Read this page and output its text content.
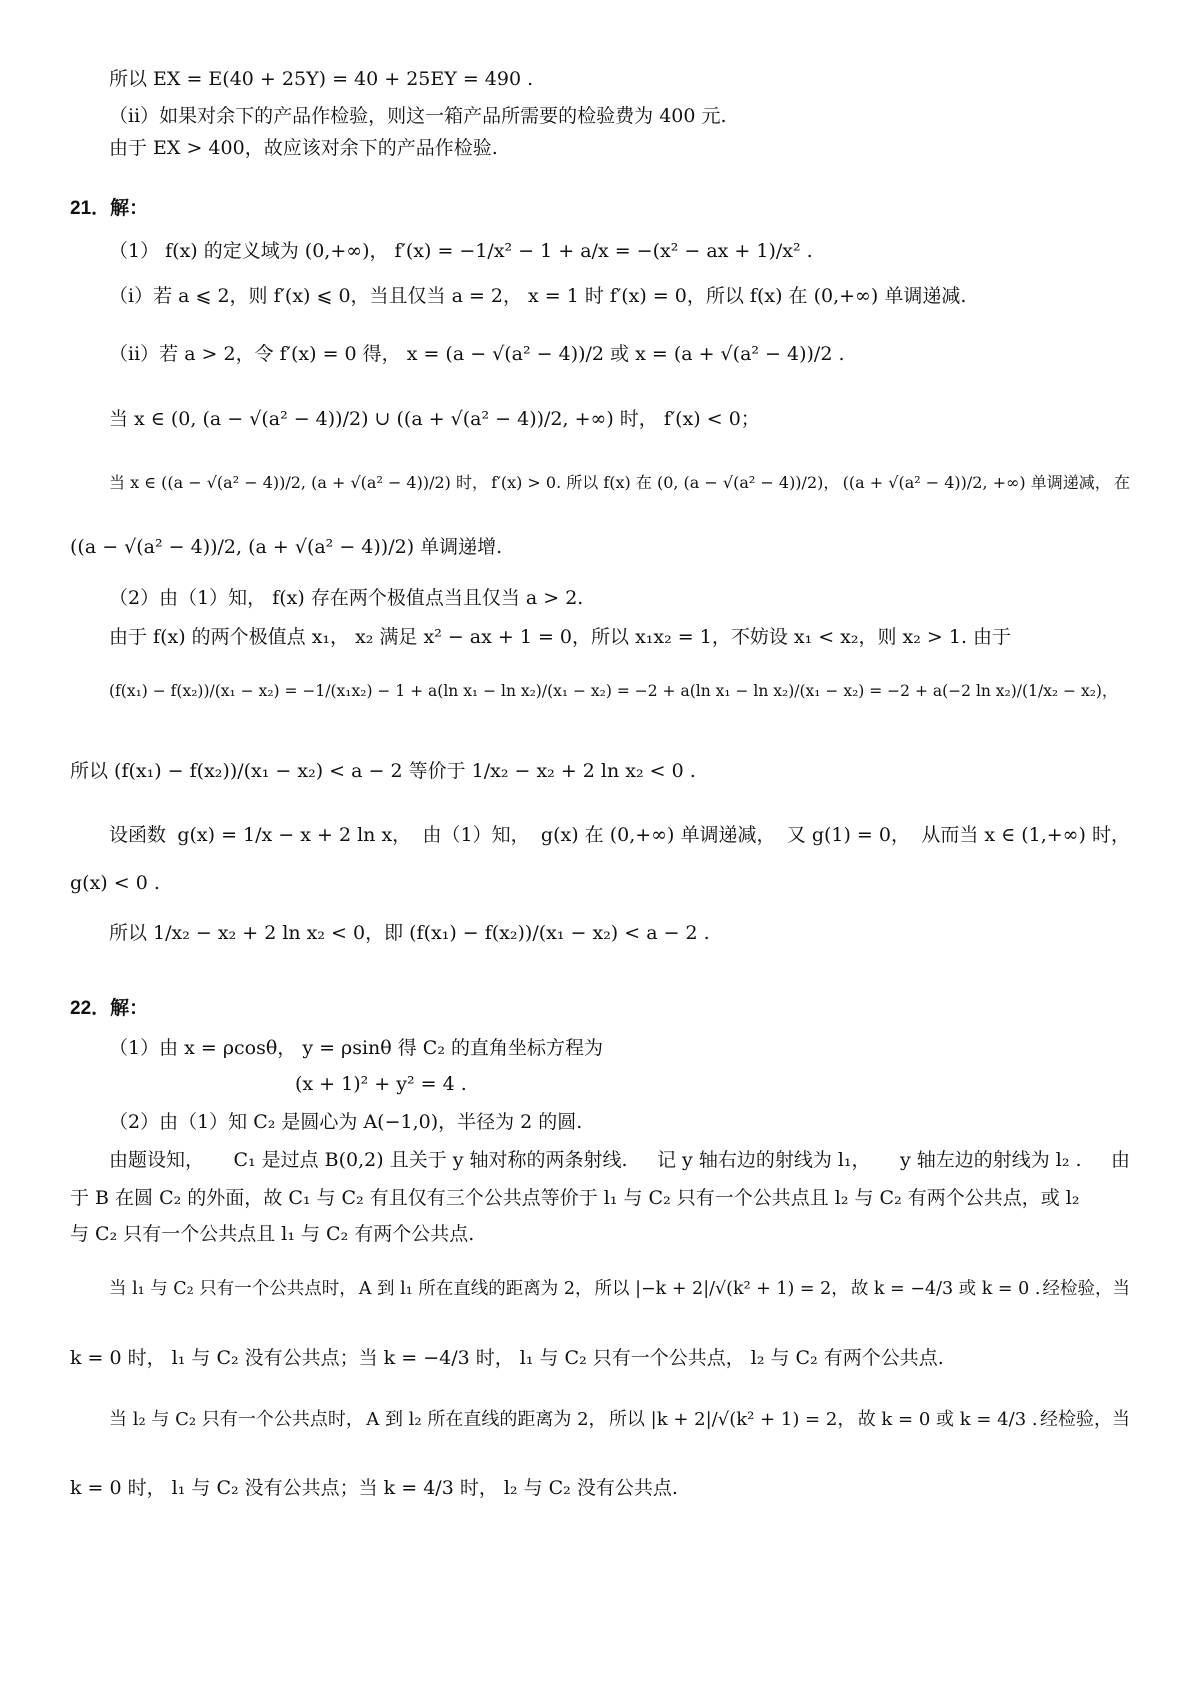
所以 EX = E(40 + 25Y) = 40 + 25EY = 490 .
（ⅱ）如果对余下的产品作检验，则这一箱产品所需要的检验费为 400 元.
由于 EX > 400，故应该对余下的产品作检验.
21．解：
（1） f(x) 的定义域为 (0,+∞)， f′(x) = −1/x² − 1 + a/x = −(x² − ax + 1)/x² .
（ⅰ）若 a ⩽ 2，则 f′(x) ⩽ 0，当且仅当 a = 2， x = 1 时 f′(x) = 0，所以 f(x) 在 (0,+∞) 单调递减.
（ⅱ）若 a > 2，令 f′(x) = 0 得， x = (a − √(a² − 4))/2 或 x = (a + √(a² − 4))/2 .
当 x ∈ (0, (a − √(a² − 4))/2) ∪ ((a + √(a² − 4))/2, +∞) 时， f′(x) < 0；
当 x ∈ ((a − √(a² − 4))/2, (a + √(a² − 4))/2) 时， f′(x) > 0. 所以 f(x) 在 (0, (a − √(a² − 4))/2)， ((a + √(a² − 4))/2, +∞) 单调递减， 在
((a − √(a² − 4))/2, (a + √(a² − 4))/2) 单调递增.
（2）由（1）知， f(x) 存在两个极值点当且仅当 a > 2.
由于 f(x) 的两个极值点 x₁， x₂ 满足 x² − ax + 1 = 0，所以 x₁x₂ = 1，不妨设 x₁ < x₂，则 x₂ > 1. 由于
(f(x₁) − f(x₂))/(x₁ − x₂) = −1/(x₁x₂) − 1 + a(ln x₁ − ln x₂)/(x₁ − x₂) = −2 + a(ln x₁ − ln x₂)/(x₁ − x₂) = −2 + a(−2 ln x₂)/(1/x₂ − x₂)，
所以 (f(x₁) − f(x₂))/(x₁ − x₂) < a − 2 等价于 1/x₂ − x₂ + 2 ln x₂ < 0 .
设函数 g(x) = 1/x − x + 2 ln x， 由（1）知， g(x) 在 (0,+∞) 单调递减， 又 g(1) = 0， 从而当 x ∈ (1,+∞) 时，
g(x) < 0 .
所以 1/x₂ − x₂ + 2 ln x₂ < 0，即 (f(x₁) − f(x₂))/(x₁ − x₂) < a − 2 .
22．解：
（1）由 x = ρcosθ， y = ρsinθ 得 C₂ 的直角坐标方程为
(x + 1)² + y² = 4 .
（2）由（1）知 C₂ 是圆心为 A(−1,0)，半径为 2 的圆.
由题设知， C₁ 是过点 B(0,2) 且关于 y 轴对称的两条射线. 记 y 轴右边的射线为 l₁， y 轴左边的射线为 l₂ . 由
于 B 在圆 C₂ 的外面，故 C₁ 与 C₂ 有且仅有三个公共点等价于 l₁ 与 C₂ 只有一个公共点且 l₂ 与 C₂ 有两个公共点，或 l₂
与 C₂ 只有一个公共点且 l₁ 与 C₂ 有两个公共点.
当 l₁ 与 C₂ 只有一个公共点时， A 到 l₁ 所在直线的距离为 2， 所以 |−k + 2|/√(k² + 1) = 2， 故 k = −4/3 或 k = 0 . 经检验，当
k = 0 时， l₁ 与 C₂ 没有公共点；当 k = −4/3 时， l₁ 与 C₂ 只有一个公共点， l₂ 与 C₂ 有两个公共点.
当 l₂ 与 C₂ 只有一个公共点时， A 到 l₂ 所在直线的距离为 2， 所以 |k + 2|/√(k² + 1) = 2， 故 k = 0 或 k = 4/3 . 经检验，当
k = 0 时， l₁ 与 C₂ 没有公共点；当 k = 4/3 时， l₂ 与 C₂ 没有公共点.
